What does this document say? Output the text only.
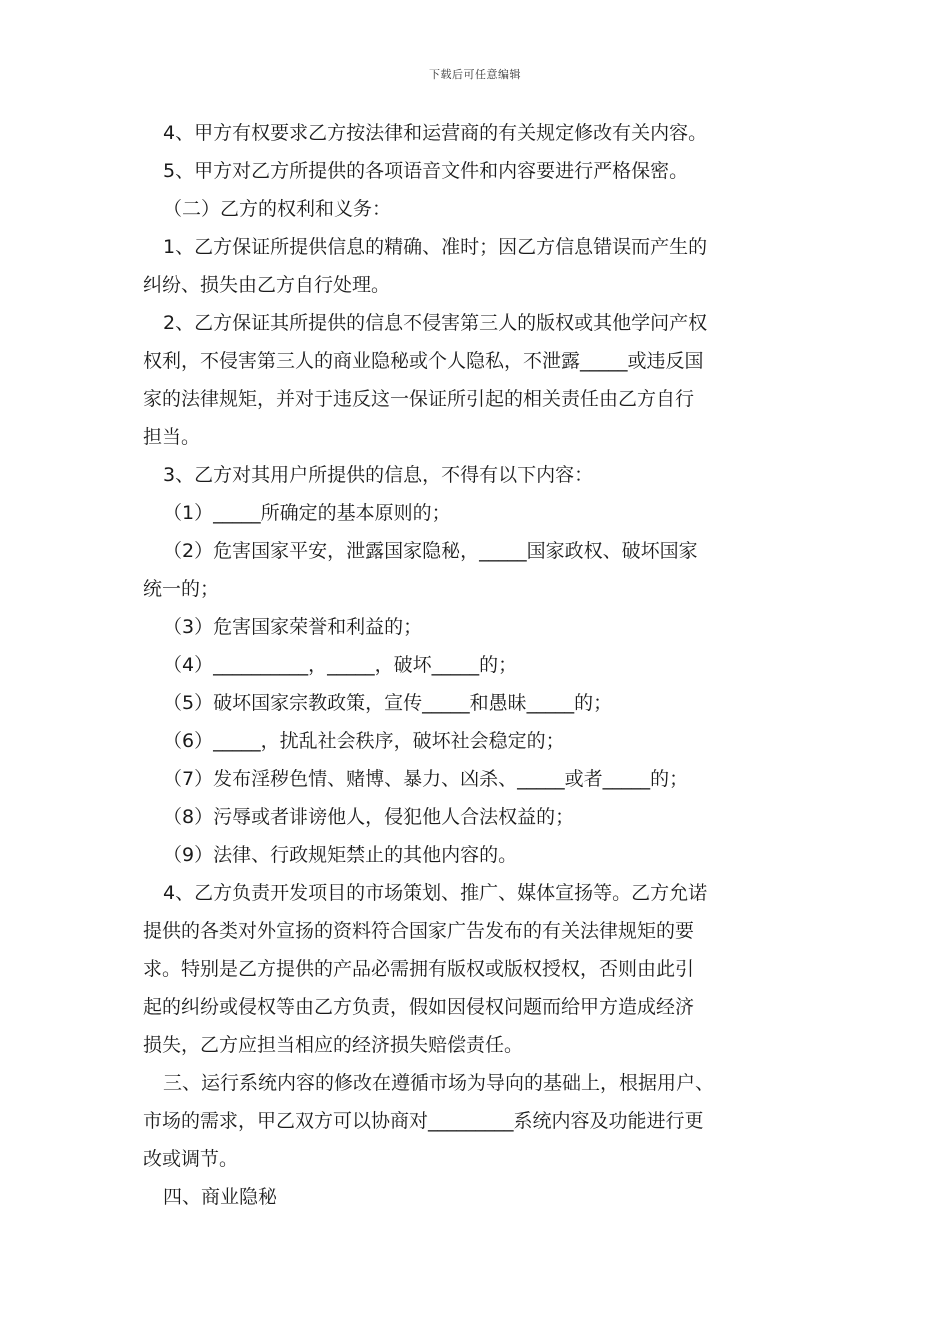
下载后可任意编辑
4、甲方有权要求乙方按法律和运营商的有关规定修改有关内容。
5、甲方对乙方所提供的各项语音文件和内容要进行严格保密。
（二）乙方的权利和义务：
1、乙方保证所提供信息的精确、准时；因乙方信息错误而产生的
纠纷、损失由乙方自行处理。
2、乙方保证其所提供的信息不侵害第三人的版权或其他学问产权
权利，不侵害第三人的商业隐秘或个人隐私，不泄露_____或违反国
家的法律规矩，并对于违反这一保证所引起的相关责任由乙方自行
担当。
3、乙方对其用户所提供的信息，不得有以下内容：
（1）_____所确定的基本原则的；
（2）危害国家平安，泄露国家隐秘，_____国家政权、破坏国家
统一的；
（3）危害国家荣誉和利益的；
（4）__________，_____，破坏_____的；
（5）破坏国家宗教政策，宣传_____和愚昧_____的；
（6）_____，扰乱社会秩序，破坏社会稳定的；
（7）发布淫秽色情、赌博、暴力、凶杀、_____或者_____的；
（8）污辱或者诽谤他人，侵犯他人合法权益的；
（9）法律、行政规矩禁止的其他内容的。
4、乙方负责开发项目的市场策划、推广、媒体宣扬等。乙方允诺
提供的各类对外宣扬的资料符合国家广告发布的有关法律规矩的要
求。特别是乙方提供的产品必需拥有版权或版权授权，否则由此引
起的纠纷或侵权等由乙方负责，假如因侵权问题而给甲方造成经济
损失，乙方应担当相应的经济损失赔偿责任。
三、运行系统内容的修改在遵循市场为导向的基础上，根据用户、
市场的需求，甲乙双方可以协商对_________系统内容及功能进行更
改或调节。
四、商业隐秘
